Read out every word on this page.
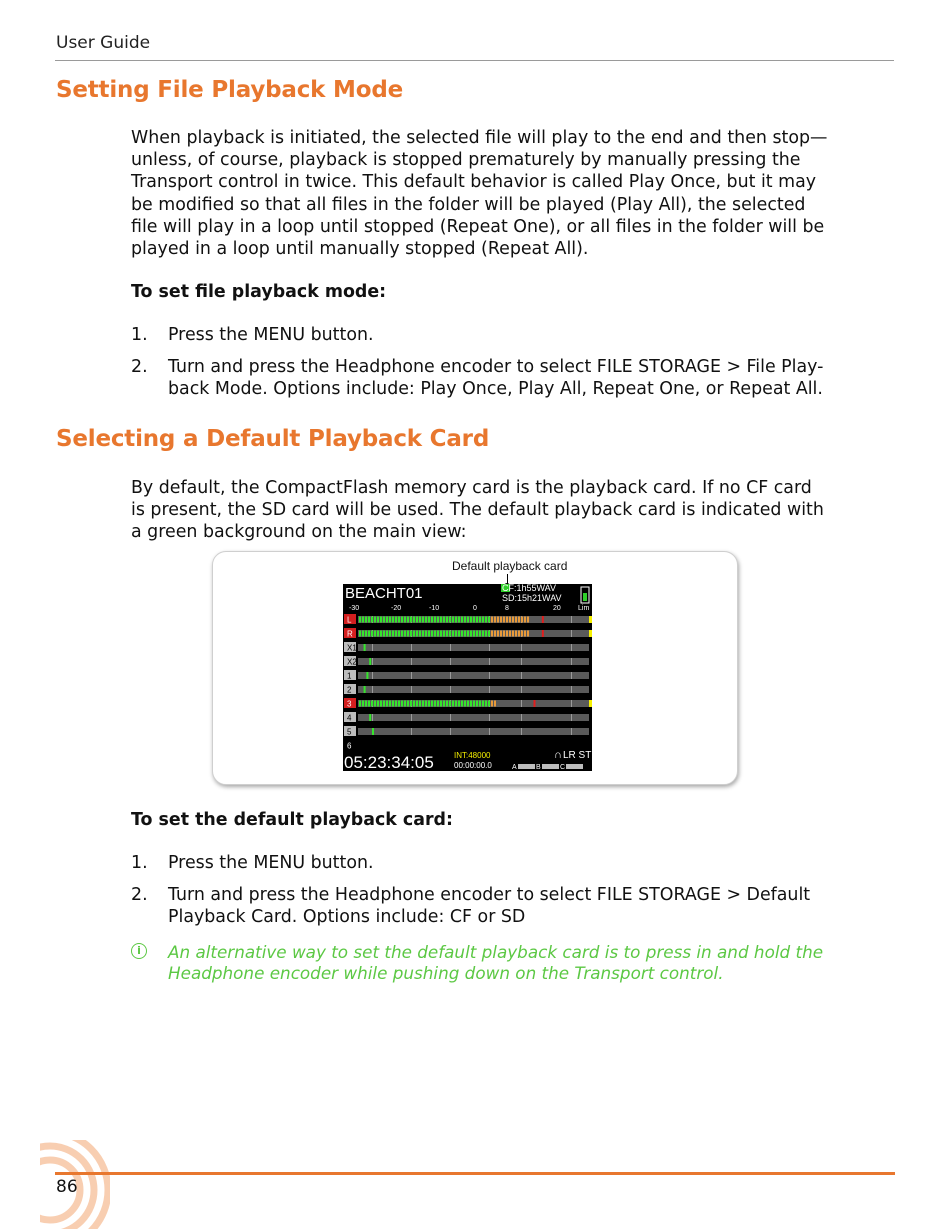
User Guide
Setting File Playback Mode
When playback is initiated, the selected file will play to the end and then stop—
unless, of course, playback is stopped prematurely by manually pressing the
Transport control in twice. This default behavior is called Play Once, but it may
be modified so that all files in the folder will be played (Play All), the selected
file will play in a loop until stopped (Repeat One), or all files in the folder will be
played in a loop until manually stopped (Repeat All).
To set file playback mode:
1. Press the MENU button.
2. Turn and press the Headphone encoder to select FILE STORAGE > File Play-
back Mode. Options include: Play Once, Play All, Repeat One, or Repeat All.
Selecting a Default Playback Card
By default, the CompactFlash memory card is the playback card. If no CF card
is present, the SD card will be used. The default playback card is indicated with
a green background on the main view:
Default playback card
BEACHT01	CF:1h55WAV
SD:15h21WAV
-30	-20	-10	0	8	20 Lim
L
R
X1
X2
1
2
3
4
5
6
05:23:34:05	INT:48000
00:00:00.0
∩ LR ST
A	B	C
To set the default playback card:
1. Press the MENU button.
2. Turn and press the Headphone encoder to select FILE STORAGE > Default
Playback Card. Options include: CF or SD
i	An alternative way to set the default playback card is to press in and hold the
Headphone encoder while pushing down on the Transport control.
86
